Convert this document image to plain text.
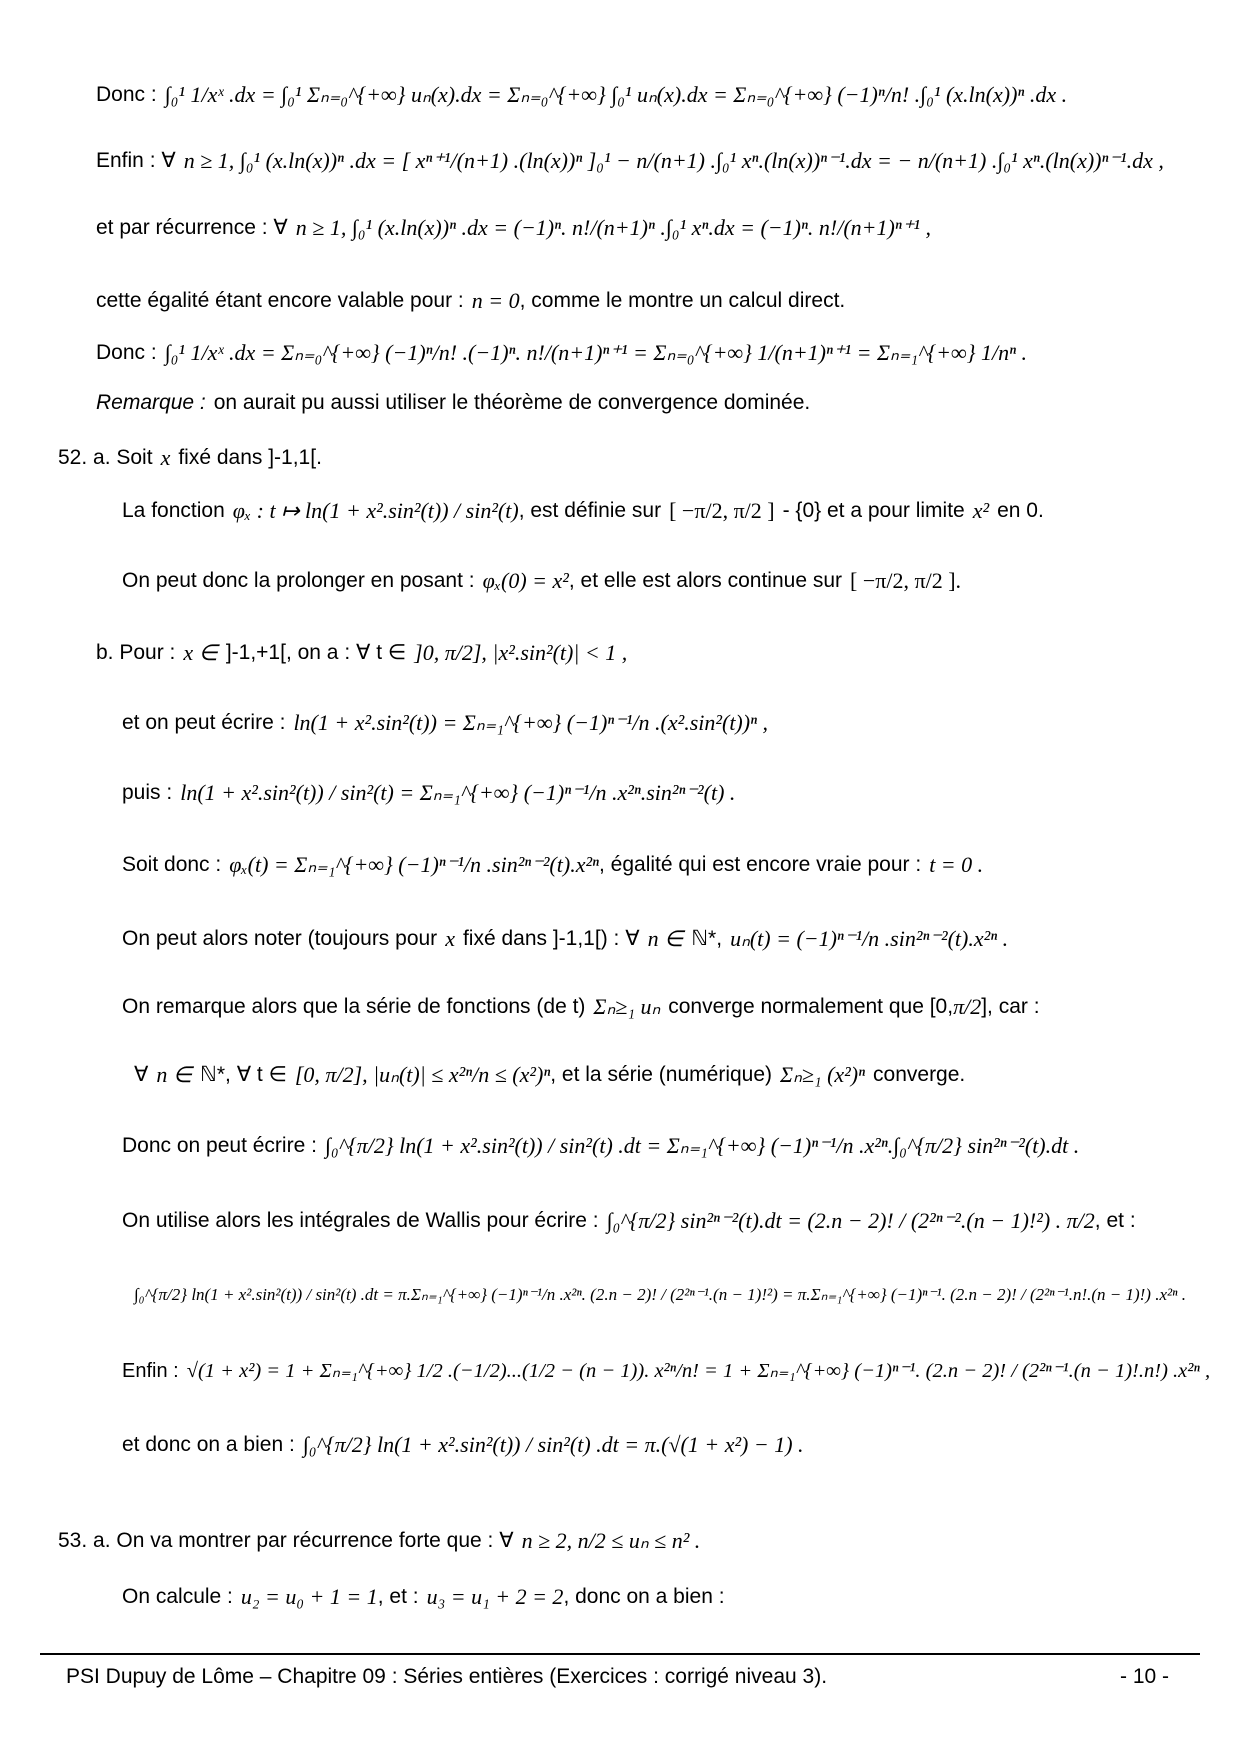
Donc : ∫₀¹ 1/xˣ .dx = ∫₀¹ Σₙ₌₀^{+∞} uₙ(x).dx = Σₙ₌₀^{+∞} ∫₀¹ uₙ(x).dx = Σₙ₌₀^{+∞} (−1)ⁿ/n! .∫₀¹ (x.ln(x))ⁿ .dx .
Enfin : ∀ n ≥ 1, ∫₀¹ (x.ln(x))ⁿ .dx = [ xⁿ⁺¹/(n+1) .(ln(x))ⁿ ]₀¹ − n/(n+1) .∫₀¹ xⁿ.(ln(x))ⁿ⁻¹.dx = − n/(n+1) .∫₀¹ xⁿ.(ln(x))ⁿ⁻¹.dx ,
et par récurrence : ∀ n ≥ 1, ∫₀¹ (x.ln(x))ⁿ .dx = (−1)ⁿ. n!/(n+1)ⁿ .∫₀¹ xⁿ.dx = (−1)ⁿ. n!/(n+1)ⁿ⁺¹ ,
cette égalité étant encore valable pour : n = 0 , comme le montre un calcul direct.
Donc : ∫₀¹ 1/xˣ .dx = Σₙ₌₀^{+∞} (−1)ⁿ/n! .(−1)ⁿ. n!/(n+1)ⁿ⁺¹ = Σₙ₌₀^{+∞} 1/(n+1)ⁿ⁺¹ = Σₙ₌₁^{+∞} 1/nⁿ .
Remarque : on aurait pu aussi utiliser le théorème de convergence dominée.
52. a. Soit x fixé dans ]-1,1[.
La fonction φₓ : t ↦ ln(1 + x².sin²(t)) / sin²(t) , est définie sur [ −π/2, π/2 ] - {0} et a pour limite x² en 0.
On peut donc la prolonger en posant : φₓ(0) = x² , et elle est alors continue sur [ −π/2, π/2 ].
b. Pour : x ∈ ]-1,+1[, on a : ∀ t ∈ ]0, π/2], |x².sin²(t)| < 1 ,
et on peut écrire : ln(1 + x².sin²(t)) = Σₙ₌₁^{+∞} (−1)ⁿ⁻¹/n .(x².sin²(t))ⁿ ,
puis : ln(1 + x².sin²(t)) / sin²(t) = Σₙ₌₁^{+∞} (−1)ⁿ⁻¹/n .x²ⁿ.sin²ⁿ⁻²(t) .
Soit donc : φₓ(t) = Σₙ₌₁^{+∞} (−1)ⁿ⁻¹/n .sin²ⁿ⁻²(t).x²ⁿ , égalité qui est encore vraie pour : t = 0 .
On peut alors noter (toujours pour x fixé dans ]-1,1[) : ∀ n ∈ ℕ*, uₙ(t) = (−1)ⁿ⁻¹/n .sin²ⁿ⁻²(t).x²ⁿ .
On remarque alors que la série de fonctions (de t) Σₙ≥₁ uₙ converge normalement que [0, π/2 ], car :
∀ n ∈ ℕ*, ∀ t ∈ [0, π/2], |uₙ(t)| ≤ x²ⁿ/n ≤ (x²)ⁿ , et la série (numérique) Σₙ≥₁ (x²)ⁿ converge.
Donc on peut écrire : ∫₀^{π/2} ln(1 + x².sin²(t)) / sin²(t) .dt = Σₙ₌₁^{+∞} (−1)ⁿ⁻¹/n .x²ⁿ.∫₀^{π/2} sin²ⁿ⁻²(t).dt .
On utilise alors les intégrales de Wallis pour écrire : ∫₀^{π/2} sin²ⁿ⁻²(t).dt = (2.n − 2)! / (2²ⁿ⁻².(n − 1)!²) . π/2 , et :
∫₀^{π/2} ln(1 + x².sin²(t)) / sin²(t) .dt = π.Σₙ₌₁^{+∞} (−1)ⁿ⁻¹/n .x²ⁿ. (2.n − 2)! / (2²ⁿ⁻¹.(n − 1)!²) = π.Σₙ₌₁^{+∞} (−1)ⁿ⁻¹. (2.n − 2)! / (2²ⁿ⁻¹.n!.(n − 1)!) .x²ⁿ .
Enfin : √(1 + x²) = 1 + Σₙ₌₁^{+∞} 1/2 .(−1/2)...(1/2 − (n − 1)). x²ⁿ/n! = 1 + Σₙ₌₁^{+∞} (−1)ⁿ⁻¹. (2.n − 2)! / (2²ⁿ⁻¹.(n − 1)!.n!) .x²ⁿ ,
et donc on a bien : ∫₀^{π/2} ln(1 + x².sin²(t)) / sin²(t) .dt = π.(√(1 + x²) − 1) .
53. a. On va montrer par récurrence forte que : ∀ n ≥ 2, n/2 ≤ uₙ ≤ n² .
On calcule : u₂ = u₀ + 1 = 1 , et : u₃ = u₁ + 2 = 2 , donc on a bien :
PSI Dupuy de Lôme – Chapitre 09 : Séries entières (Exercices : corrigé niveau 3).	- 10 -
